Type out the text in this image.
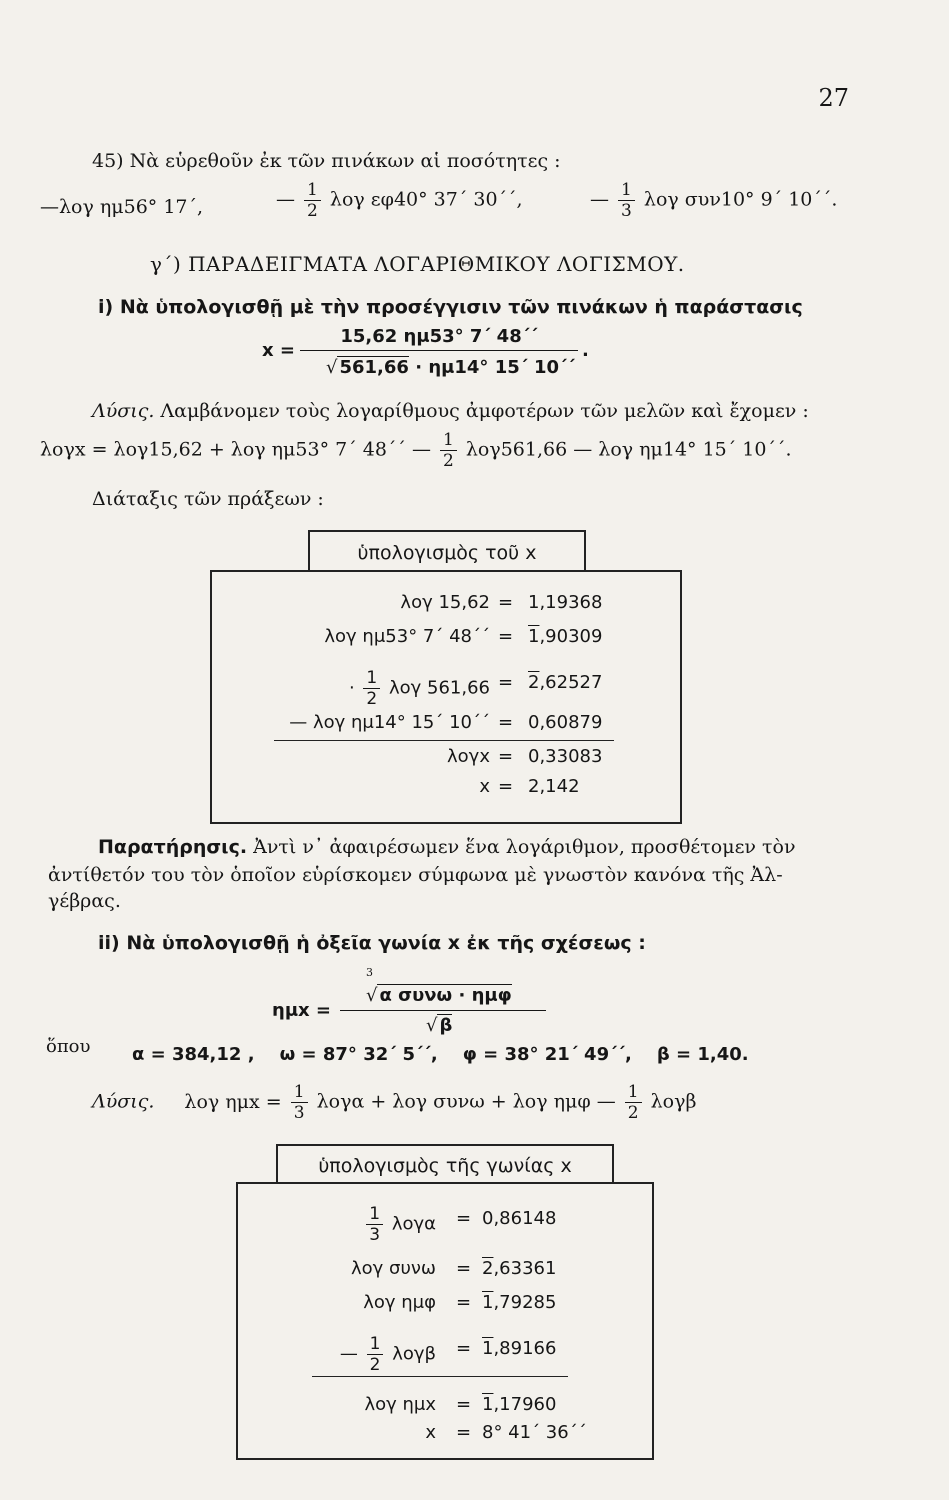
27
45) Νὰ εὑρεθοῦν ἐκ τῶν πινάκων αἱ ποσότητες :
—λογ ημ56° 17΄,	— $\frac{1}{2}$ λογ εφ40° 37΄ 30΄΄,	— $\frac{1}{3}$ λογ συν10° 9΄ 10΄΄.
γ΄) ΠΑΡΑΔΕΙΓΜΑΤΑ ΛΟΓΑΡΙΘΜΙΚΟΥ ΛΟΓΙΣΜΟΥ.
i) Νὰ ὑπολογισθῇ μὲ τὴν προσέγγισιν τῶν πινάκων ἡ παράστασις
x =
15,62 ημ53° 7΄ 48΄΄
√ 561,66 · ημ14° 15΄ 10΄΄
.
Λύσις. Λαμβάνομεν τοὺς λογαρίθμους ἀμφοτέρων τῶν μελῶν καὶ ἔχομεν :
λογx = λογ15,62 + λογ ημ53° 7΄ 48΄΄ — $\frac{1}{2} \lambda o\gamma 561,66$ — λογ ημ14° 15΄ 10΄΄.
Διάταξις τῶν πράξεων :
ὑπολογισμὸς τοῦ x
λογ 15,62 = 1,19368
λογ ημ53° 7΄ 48΄΄ = 1,90309
· $\frac{1}{2}$ λογ 561,66 = 2,62527
— λογ ημ14° 15΄ 10΄΄ = 0,60879
λογx = 0,33083
x = 2,142
Παρατήρησις. Ἀντὶ ν᾽ ἀφαιρέσωμεν ἕνα λογάριθμον, προσθέτομεν τὸν
ἀντίθετόν του τὸν ὁποῖον εὑρίσκομεν σύμφωνα μὲ γνωστὸν κανόνα τῆς Ἀλ-
γέβρας.
ii) Νὰ ὑπολογισθῇ ἡ ὀξεῖα γωνία x ἐκ τῆς σχέσεως :
ημx =
3
√ α συνω · ημφ
√ β
ὅπου α = 384,12 ,    ω = 87° 32΄ 5΄΄,    φ = 38° 21΄ 49΄΄,    β = 1,40.
Λύσις. λογ $\eta\mu x = \frac{1}{3}$ λογα + λογ συνω + λογ ημφ — $\frac{1}{2}$ λογβ
ὑπολογισμὸς τῆς γωνίας x
$\frac{1}{3}$ λογα = 0,86148
λογ συνω = 2,63361
λογ ημφ = 1,79285
— $\frac{1}{2}$ λογβ = 1,89166
λογ ημx = 1,17960
x = 8° 41΄ 36΄΄
